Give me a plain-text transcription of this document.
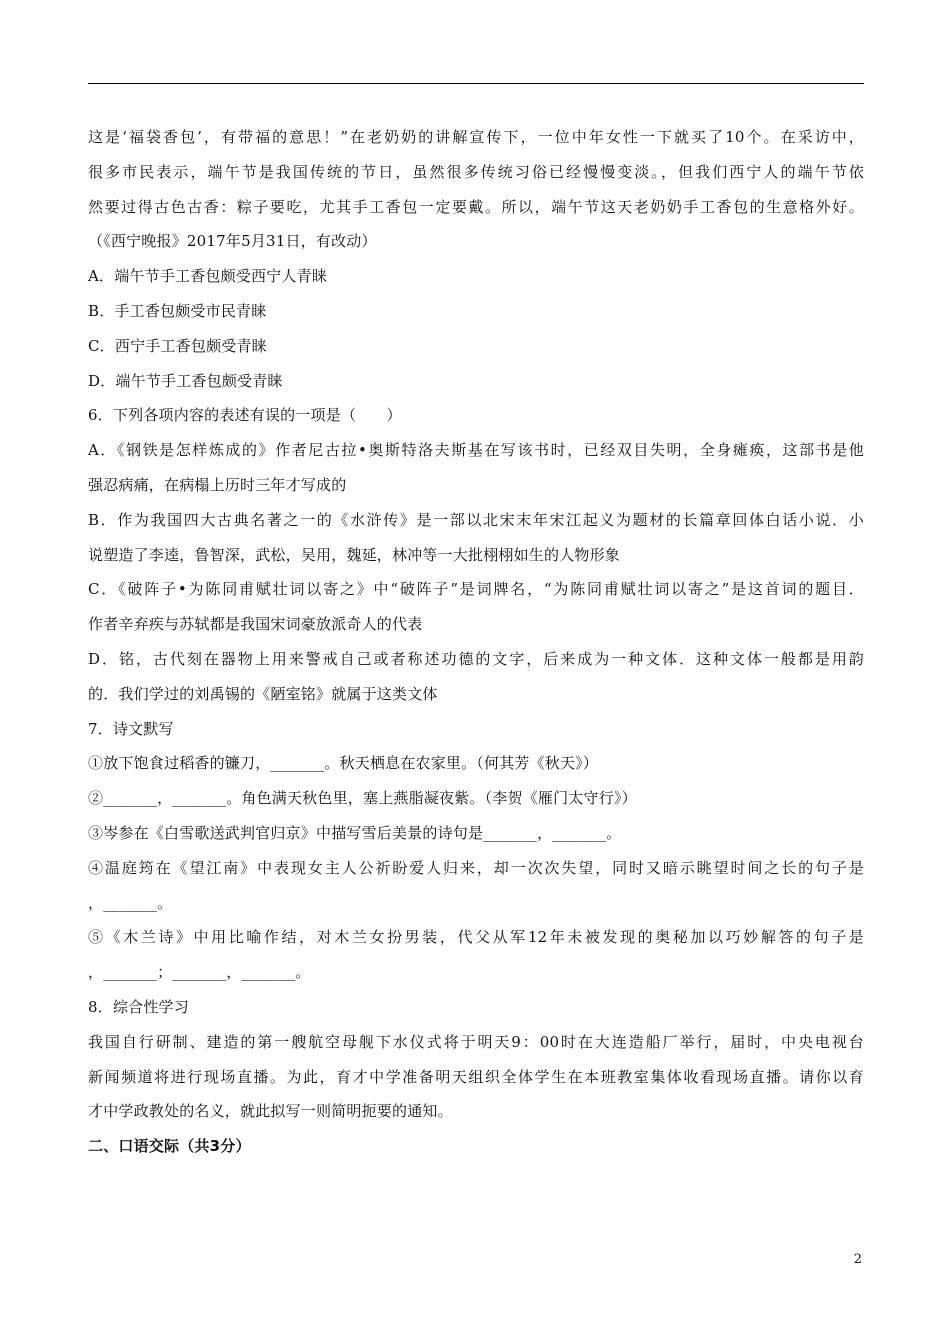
这是‘福袋香包’，有带福的意思！”在老奶奶的讲解宣传下，一位中年女性一下就买了10个。在采访中，
很多市民表示，端午节是我国传统的节日，虽然很多传统习俗已经慢慢变淡。，但我们西宁人的端午节依
然要过得古色古香：粽子要吃，尤其手工香包一定要戴。所以，端午节这天老奶奶手工香包的生意格外好。
（《西宁晚报》2017年5月31日，有改动）
A．端午节手工香包颇受西宁人青睐
B．手工香包颇受市民青睐
C．西宁手工香包颇受青睐
D．端午节手工香包颇受青睐
6．下列各项内容的表述有误的一项是（　　）
A．《钢铁是怎样炼成的》作者尼古拉•奥斯特洛夫斯基在写该书时，已经双目失明，全身瘫痪，这部书是他
强忍病痛，在病榻上历时三年才写成的
B．作为我国四大古典名著之一的《水浒传》是一部以北宋末年宋江起义为题材的长篇章回体白话小说．小
说塑造了李逵，鲁智深，武松，吴用，魏延，林冲等一大批栩栩如生的人物形象
C．《破阵子•为陈同甫赋壮词以寄之》中“破阵子”是词牌名，“为陈同甫赋壮词以寄之”是这首词的题目．
作者辛弃疾与苏轼都是我国宋词豪放派奇人的代表
D．铭，古代刻在器物上用来警戒自己或者称述功德的文字，后来成为一种文体．这种文体一般都是用韵
的．我们学过的刘禹锡的《陋室铭》就属于这类文体
7．诗文默写
①放下饱食过稻香的镰刀，_______。秋天栖息在农家里。（何其芳《秋天》）
②_______，_______。角色满天秋色里，塞上燕脂凝夜紫。（李贺《雁门太守行》）
③岑参在《白雪歌送武判官归京》中描写雪后美景的诗句是_______，_______。
④温庭筠在《望江南》中表现女主人公祈盼爱人归来，却一次次失望，同时又暗示眺望时间之长的句子是
，_______。
⑤《木兰诗》中用比喻作结，对木兰女扮男装，代父从军12年未被发现的奥秘加以巧妙解答的句子是
，_______；_______，_______。
8．综合性学习
我国自行研制、建造的第一艘航空母舰下水仪式将于明天9：00时在大连造船厂举行，届时，中央电视台
新闻频道将进行现场直播。为此，育才中学准备明天组织全体学生在本班教室集体收看现场直播。请你以育
才中学政教处的名义，就此拟写一则简明扼要的通知。
二、口语交际（共3分）
2
